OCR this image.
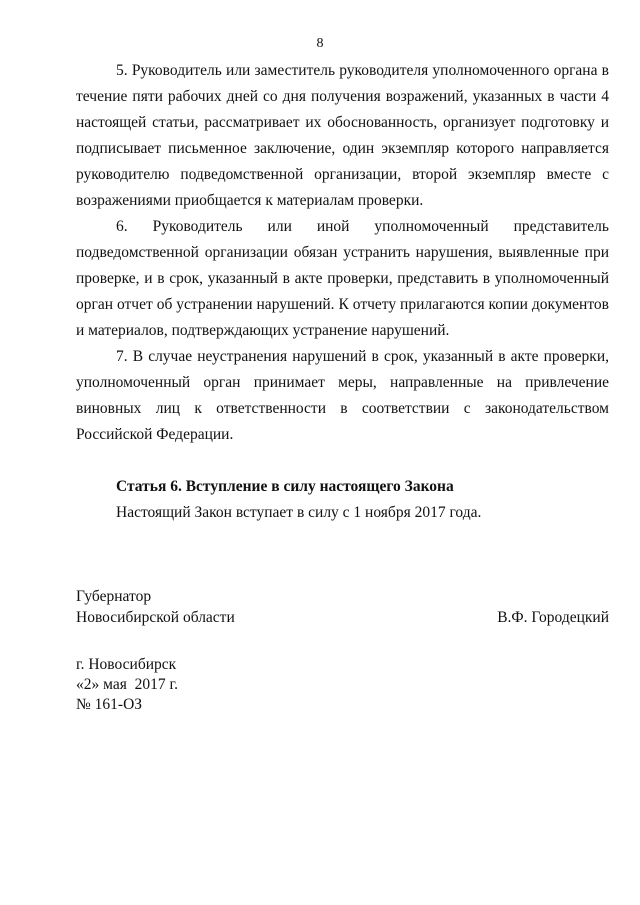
8

5. Руководитель или заместитель руководителя уполномоченного органа в течение пяти рабочих дней со дня получения возражений, указанных в части 4 настоящей статьи, рассматривает их обоснованность, организует подготовку и подписывает письменное заключение, один экземпляр которого направляется руководителю подведомственной организации, второй экземпляр вместе с возражениями приобщается к материалам проверки.

6. Руководитель или иной уполномоченный представитель подведомственной организации обязан устранить нарушения, выявленные при проверке, и в срок, указанный в акте проверки, представить в уполномоченный орган отчет об устранении нарушений. К отчету прилагаются копии документов и материалов, подтверждающих устранение нарушений.

7. В случае неустранения нарушений в срок, указанный в акте проверки, уполномоченный орган принимает меры, направленные на привлечение виновных лиц к ответственности в соответствии с законодательством Российской Федерации.

Статья 6. Вступление в силу настоящего Закона

Настоящий Закон вступает в силу с 1 ноября 2017 года.

Губернатор

Новосибирской области	В.Ф. Городецкий

г. Новосибирск

«2» мая  2017 г.

№ 161-ОЗ
